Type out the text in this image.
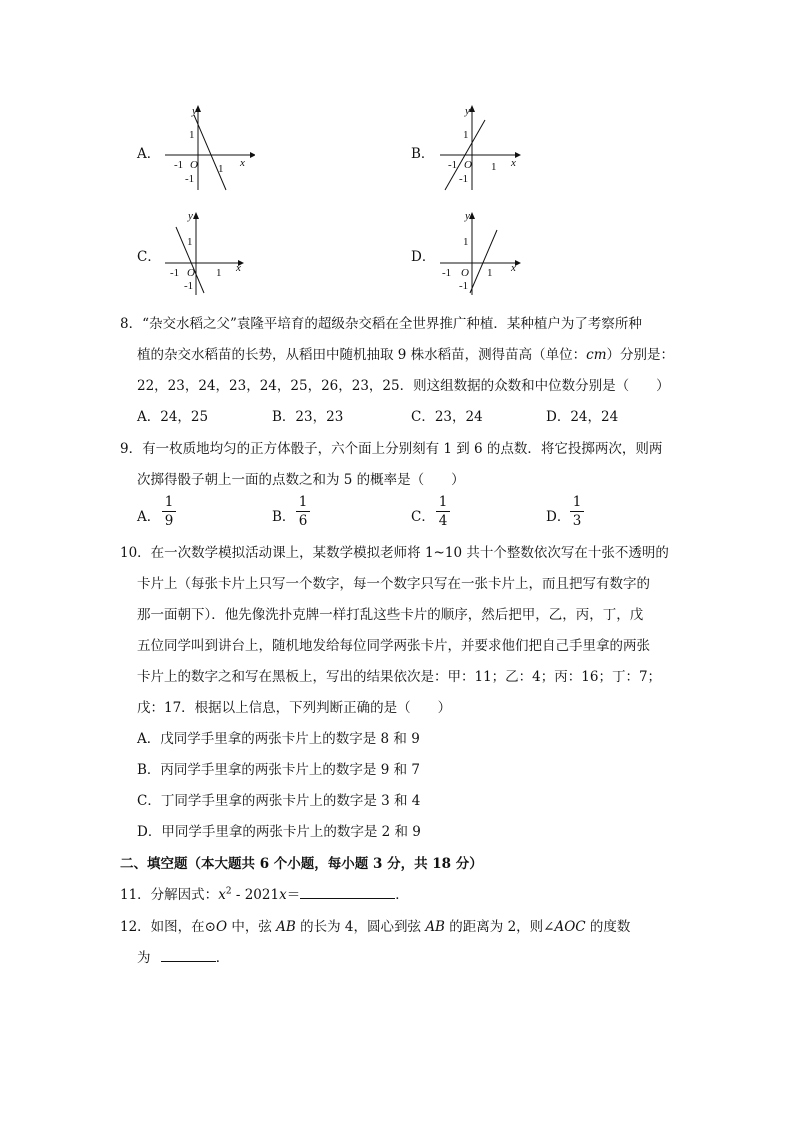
A．
y
x
1
-1 O 1
-1
B．
y
x
1
-1 O 1
-1
C．
y
x
1
-1 O 1
-1
D．
y
x
1
-1 O 1
-1
8．“杂交水稻之父”袁隆平培育的超级杂交稻在全世界推广种植．某种植户为了考察所种
植的杂交水稻苗的长势，从稻田中随机抽取 9 株水稻苗，测得苗高（单位：cm）分别是：
22，23，24，23，24，25，26，23，25．则这组数据的众数和中位数分别是（　　）
A．24，25	B．23，23	C．23，24	D．24，24
9．有一枚质地均匀的正方体骰子，六个面上分别刻有 1 到 6 的点数．将它投掷两次，则两
次掷得骰子朝上一面的点数之和为 5 的概率是（　　）
A．
1
9	B．
1
6	C．
1
4	D．
1
3
10．在一次数学模拟活动课上，某数学模拟老师将 1~10 共十个整数依次写在十张不透明的
卡片上（每张卡片上只写一个数字，每一个数字只写在一张卡片上，而且把写有数字的
那一面朝下）．他先像洗扑克牌一样打乱这些卡片的顺序，然后把甲，乙，丙，丁，戊
五位同学叫到讲台上，随机地发给每位同学两张卡片，并要求他们把自己手里拿的两张
卡片上的数字之和写在黑板上，写出的结果依次是：甲：11；乙：4；丙：16；丁：7；
戊：17．根据以上信息，下列判断正确的是（　　）
A．戊同学手里拿的两张卡片上的数字是 8 和 9
B．丙同学手里拿的两张卡片上的数字是 9 和 7
C．丁同学手里拿的两张卡片上的数字是 3 和 4
D．甲同学手里拿的两张卡片上的数字是 2 和 9
二、填空题（本大题共 6 个小题，每小题 3 分，共 18 分）
11．分解因式：$x^2 - 2021x=$	．
12．如图，在⊙O 中，弦 AB 的长为 4，圆心到弦 AB 的距离为 2，则∠AOC 的度数
为	．
